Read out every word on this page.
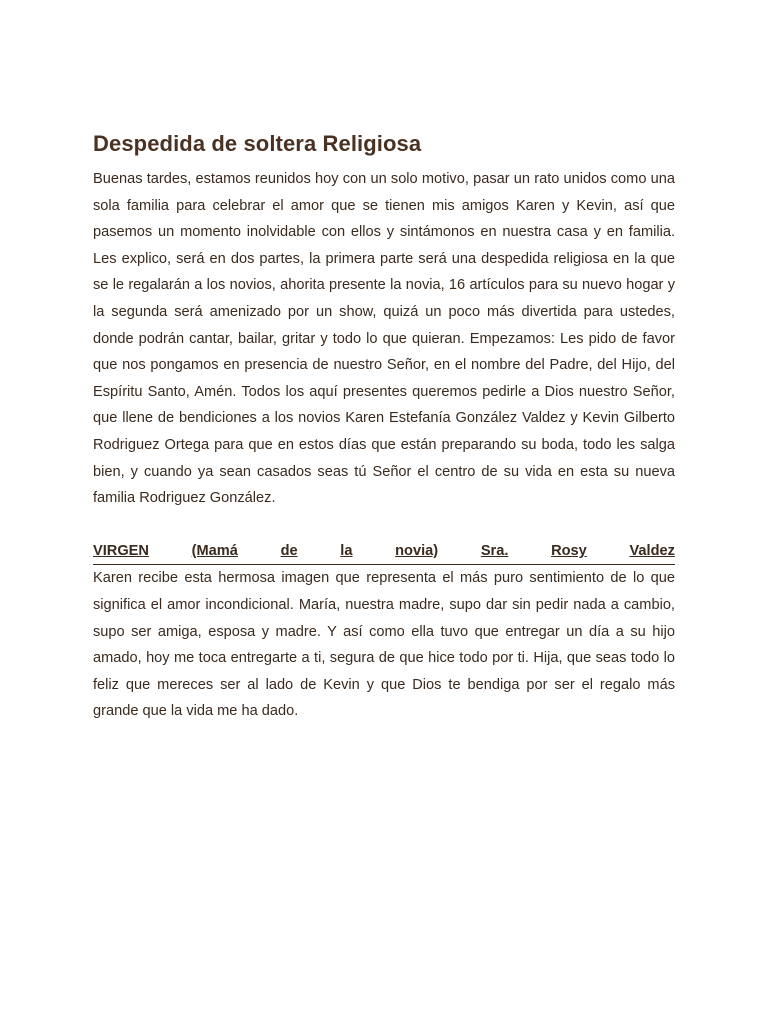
Despedida de soltera Religiosa

Buenas tardes, estamos reunidos hoy con un solo motivo, pasar un rato unidos como una sola familia para celebrar el amor que se tienen mis amigos Karen y Kevin, así que pasemos un momento inolvidable con ellos y sintámonos en nuestra casa y en familia. Les explico, será en dos partes, la primera parte será una despedida religiosa en la que se le regalarán a los novios, ahorita presente la novia, 16 artículos para su nuevo hogar y la segunda será amenizado por un show, quizá un poco más divertida para ustedes, donde podrán cantar, bailar, gritar y todo lo que quieran. Empezamos: Les pido de favor que nos pongamos en presencia de nuestro Señor, en el nombre del Padre, del Hijo, del Espíritu Santo, Amén. Todos los aquí presentes queremos pedirle a Dios nuestro Señor, que llene de bendiciones a los novios Karen Estefanía González Valdez y Kevin Gilberto Rodriguez Ortega para que en estos días que están preparando su boda, todo les salga bien, y cuando ya sean casados seas tú Señor el centro de su vida en esta su nueva familia Rodriguez González.

VIRGEN	(Mamá	de	la	novia)	Sra.	Rosy	Valdez

Karen recibe esta hermosa imagen que representa el más puro sentimiento de lo que significa el amor incondicional. María, nuestra madre, supo dar sin pedir nada a cambio, supo ser amiga, esposa y madre. Y así como ella tuvo que entregar un día a su hijo amado, hoy me toca entregarte a ti, segura de que hice todo por ti. Hija, que seas todo lo feliz que mereces ser al lado de Kevin y que Dios te bendiga por ser el regalo más grande que la vida me ha dado.
